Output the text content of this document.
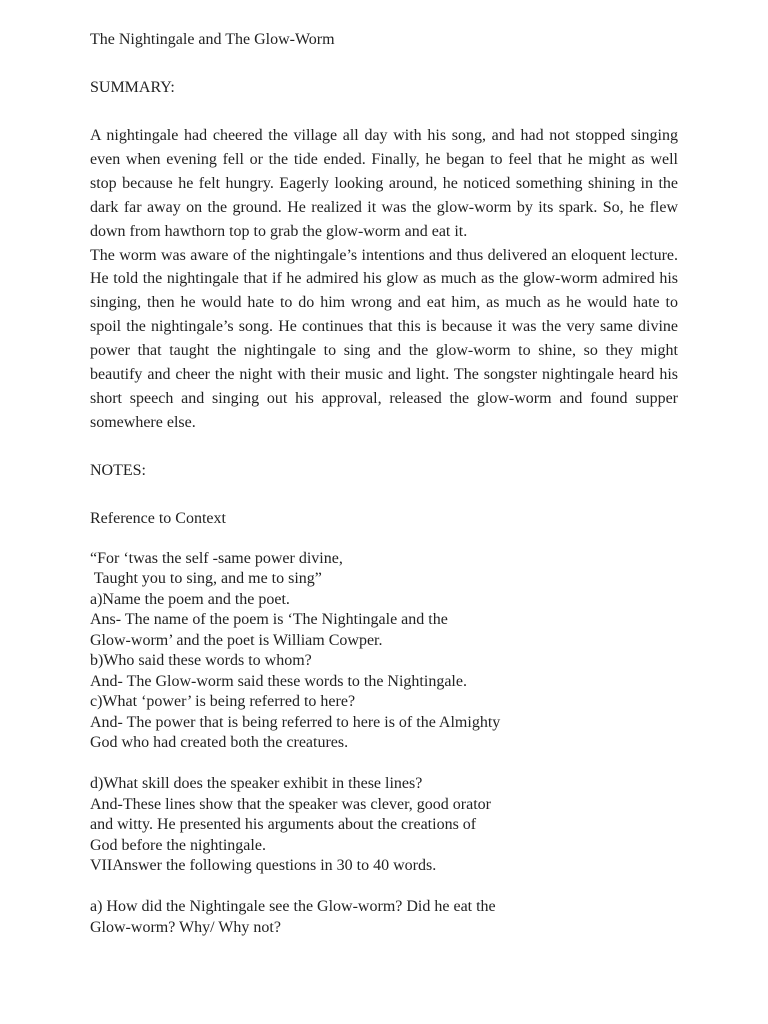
The Nightingale and The Glow-Worm
SUMMARY:

A nightingale had cheered the village all day with his song, and had not stopped singing even when evening fell or the tide ended. Finally, he began to feel that he might as well stop because he felt hungry. Eagerly looking around, he noticed something shining in the dark far away on the ground. He realized it was the glow-worm by its spark. So, he flew down from hawthorn top to grab the glow-worm and eat it.

The worm was aware of the nightingale’s intentions and thus delivered an eloquent lecture. He told the nightingale that if he admired his glow as much as the glow-worm admired his singing, then he would hate to do him wrong and eat him, as much as he would hate to spoil the nightingale’s song. He continues that this is because it was the very same divine power that taught the nightingale to sing and the glow-worm to shine, so they might beautify and cheer the night with their music and light. The songster nightingale heard his short speech and singing out his approval, released the glow-worm and found supper somewhere else.

NOTES:
Reference to Context
“For ‘twas the self -same power divine,
Taught you to sing, and me to sing”
a)Name the poem and the poet.
Ans- The name of the poem is ‘The Nightingale and the
Glow-worm’ and the poet is William Cowper.
b)Who said these words to whom?
And- The Glow-worm said these words to the Nightingale.
c)What ‘power’ is being referred to here?
And- The power that is being referred to here is of the Almighty
God who had created both the creatures.
d)What skill does the speaker exhibit in these lines?
And-These lines show that the speaker was clever, good orator
and witty. He presented his arguments about the creations of
God before the nightingale.
VIIAnswer the following questions in 30 to 40 words.
a) How did the Nightingale see the Glow-worm? Did he eat the
Glow-worm? Why/ Why not?
